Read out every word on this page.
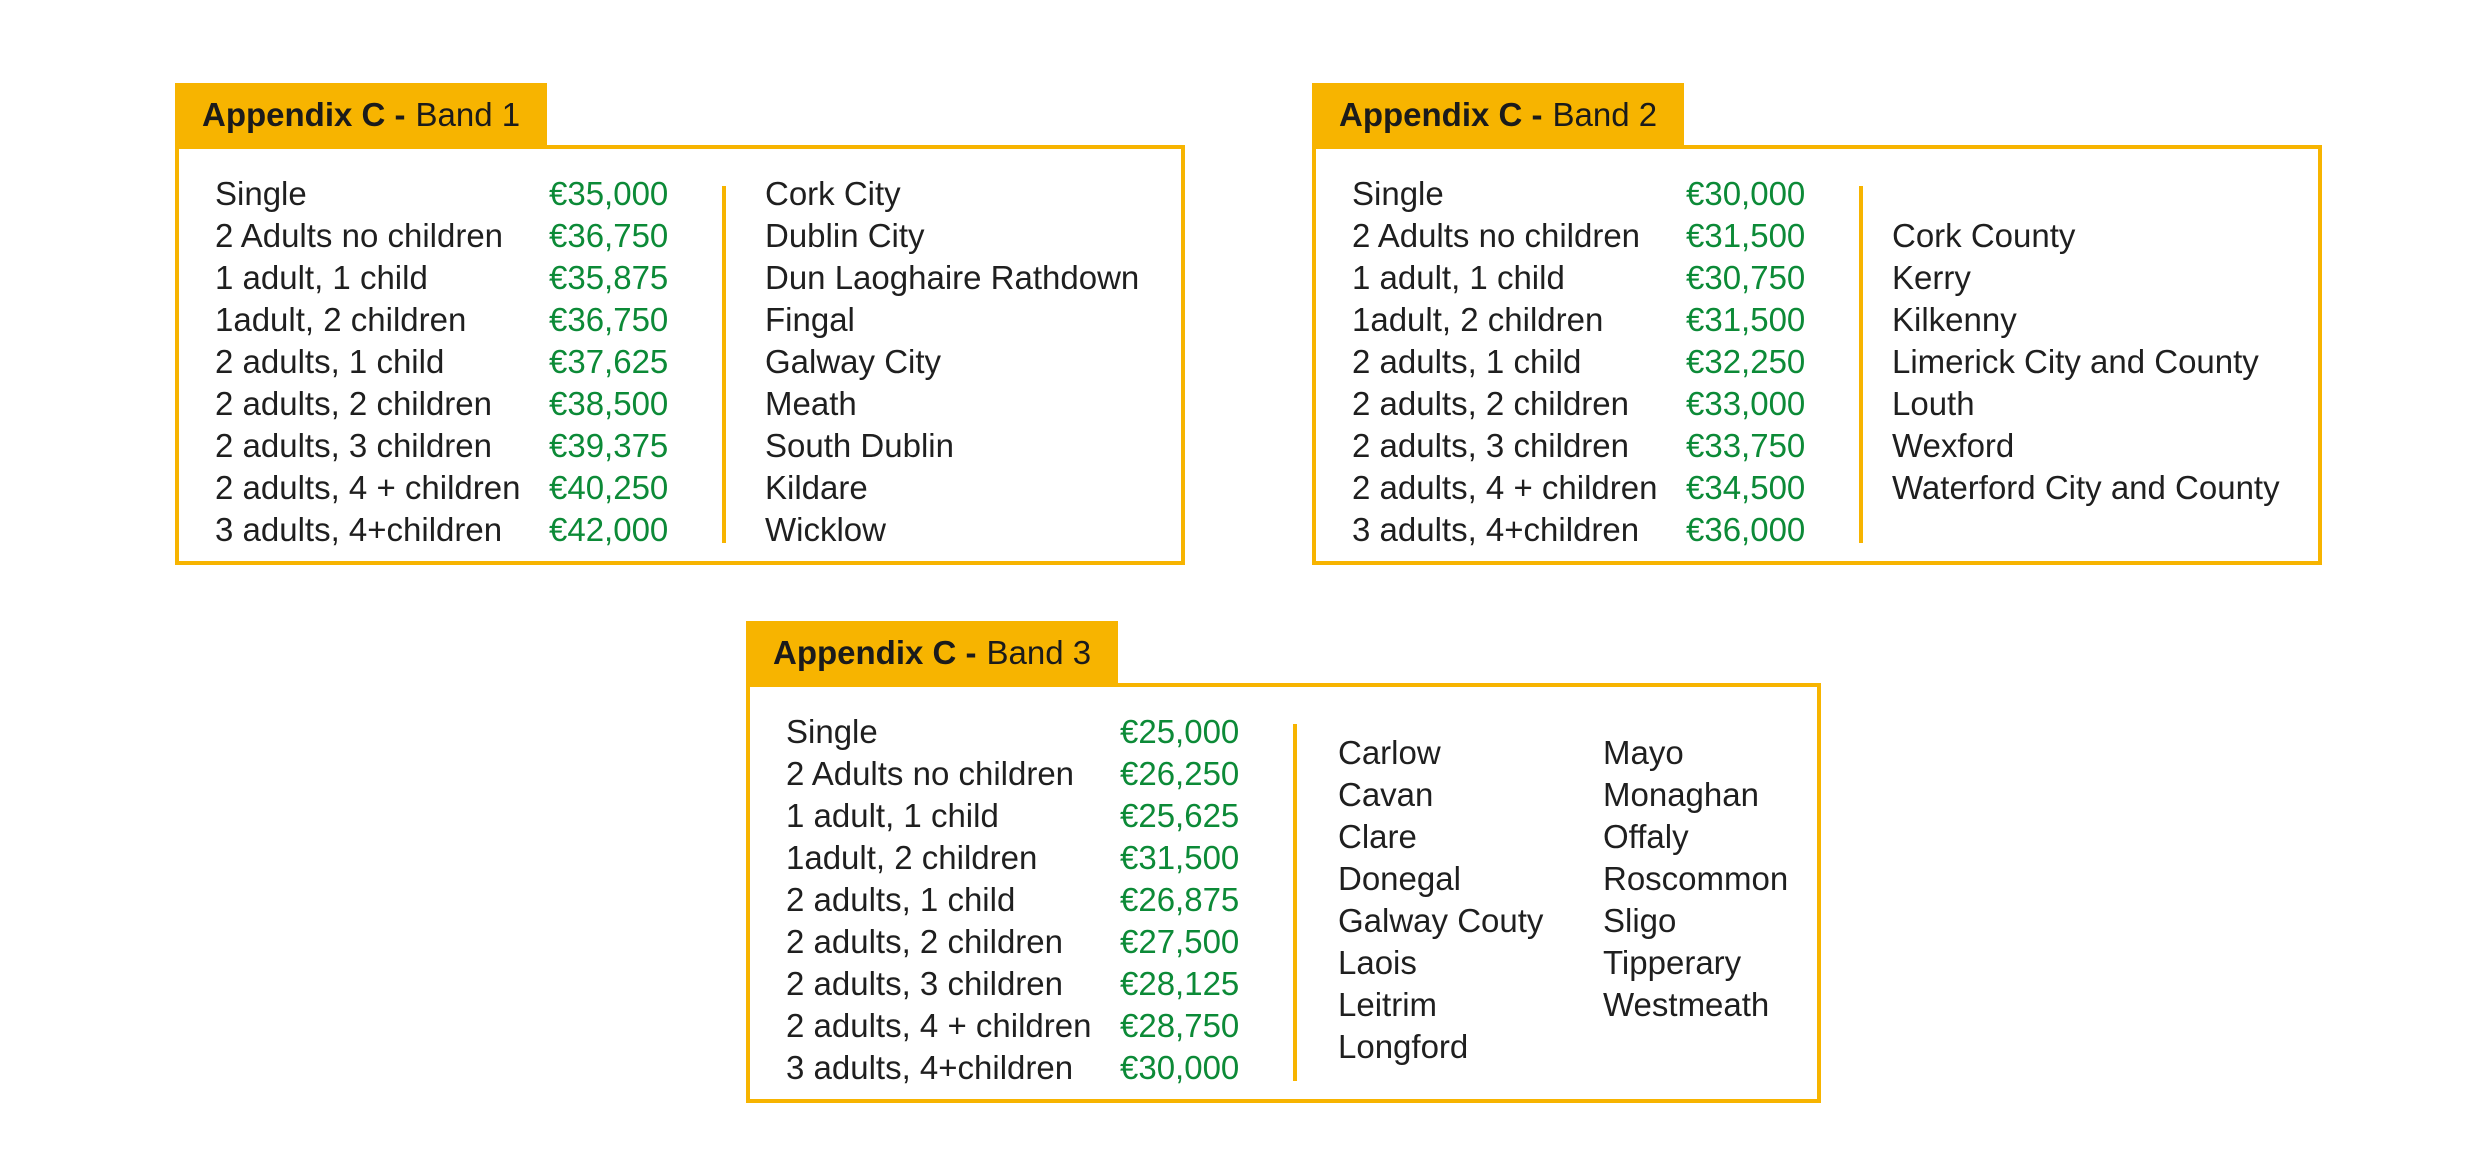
Appendix C - Band 1
Single	€35,000
2 Adults no children €36,750
1 adult, 1 child	€35,875
1adult, 2 children	€36,750
2 adults, 1 child	€37,625
2 adults, 2 children €38,500
2 adults, 3 children €39,375
2 adults, 4 + children €40,250
3 adults, 4+children €42,000
Cork City
Dublin City
Dun Laoghaire Rathdown
Fingal
Galway City
Meath
South Dublin
Kildare
Wicklow
Appendix C - Band 2
Single	€30,000
2 Adults no children €31,500
1 adult, 1 child	€30,750
1adult, 2 children	€31,500
2 adults, 1 child	€32,250
2 adults, 2 children €33,000
2 adults, 3 children €33,750
2 adults, 4 + children €34,500
3 adults, 4+children €36,000
Cork County
Kerry
Kilkenny
Limerick City and County
Louth
Wexford
Waterford City and County
Appendix C - Band 3
Single	€25,000
2 Adults no children €26,250
1 adult, 1 child	€25,625
1adult, 2 children	€31,500
2 adults, 1 child	€26,875
2 adults, 2 children €27,500
2 adults, 3 children €28,125
2 adults, 4 + children €28,750
3 adults, 4+children €30,000
Carlow
Cavan
Clare
Donegal
Galway Couty
Laois
Leitrim
Longford
Mayo
Monaghan
Offaly
Roscommon
Sligo
Tipperary
Westmeath
